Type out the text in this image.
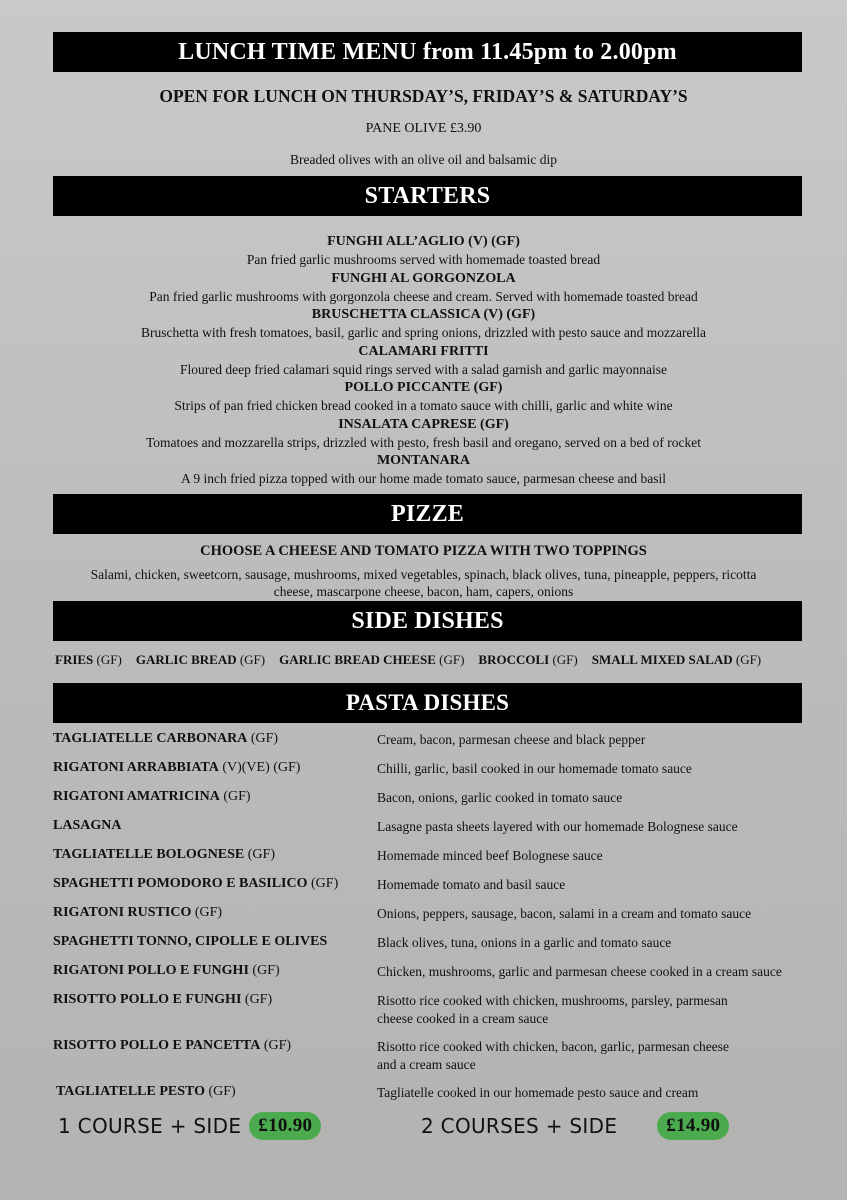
LUNCH TIME MENU from 11.45pm to 2.00pm
OPEN FOR LUNCH ON THURSDAY’S, FRIDAY’S & SATURDAY’S
PANE OLIVE £3.90
Breaded olives with an olive oil and balsamic dip
STARTERS
FUNGHI ALL’AGLIO (V) (GF)
Pan fried garlic mushrooms served with homemade toasted bread
FUNGHI AL GORGONZOLA
Pan fried garlic mushrooms with gorgonzola cheese and cream. Served with homemade toasted bread
BRUSCHETTA CLASSICA (V) (GF)
Bruschetta with fresh tomatoes, basil, garlic and spring onions, drizzled with pesto sauce and mozzarella
CALAMARI FRITTI
Floured deep fried calamari squid rings served with a salad garnish and garlic mayonnaise
POLLO PICCANTE (GF)
Strips of pan fried chicken bread cooked in a tomato sauce with chilli, garlic and white wine
INSALATA CAPRESE (GF)
Tomatoes and mozzarella strips, drizzled with pesto, fresh basil and oregano, served on a bed of rocket
MONTANARA
A 9 inch fried pizza topped with our home made tomato sauce, parmesan cheese and basil
PIZZE
CHOOSE A CHEESE AND TOMATO PIZZA WITH TWO TOPPINGS
Salami, chicken, sweetcorn, sausage, mushrooms, mixed vegetables, spinach, black olives, tuna, pineapple, peppers, ricotta
cheese, mascarpone cheese, bacon, ham, capers, onions
SIDE DISHES
FRIES (GF) GARLIC BREAD (GF) GARLIC BREAD CHEESE (GF) BROCCOLI (GF) SMALL MIXED SALAD (GF)
PASTA DISHES
TAGLIATELLE CARBONARA (GF)	Cream, bacon, parmesan cheese and black pepper
RIGATONI ARRABBIATA (V)(VE) (GF)	Chilli, garlic, basil cooked in our homemade tomato sauce
RIGATONI AMATRICINA (GF)	Bacon, onions, garlic cooked in tomato sauce
LASAGNA	Lasagne pasta sheets layered with our homemade Bolognese sauce
TAGLIATELLE BOLOGNESE (GF)	Homemade minced beef Bolognese sauce
SPAGHETTI POMODORO E BASILICO (GF)	Homemade tomato and basil sauce
RIGATONI RUSTICO (GF)	Onions, peppers, sausage, bacon, salami in a cream and tomato sauce
SPAGHETTI TONNO, CIPOLLE E OLIVES	Black olives, tuna, onions in a garlic and tomato sauce
RIGATONI POLLO E FUNGHI (GF)	Chicken, mushrooms, garlic and parmesan cheese cooked in a cream sauce
RISOTTO POLLO E FUNGHI (GF)	Risotto rice cooked with chicken, mushrooms, parsley, parmesan
cheese cooked in a cream sauce
RISOTTO POLLO E PANCETTA (GF)	Risotto rice cooked with chicken, bacon, garlic, parmesan cheese
and a cream sauce
TAGLIATELLE PESTO (GF)	Tagliatelle cooked in our homemade pesto sauce and cream
1 COURSE + SIDE £10.90	2 COURSES + SIDE	£14.90
